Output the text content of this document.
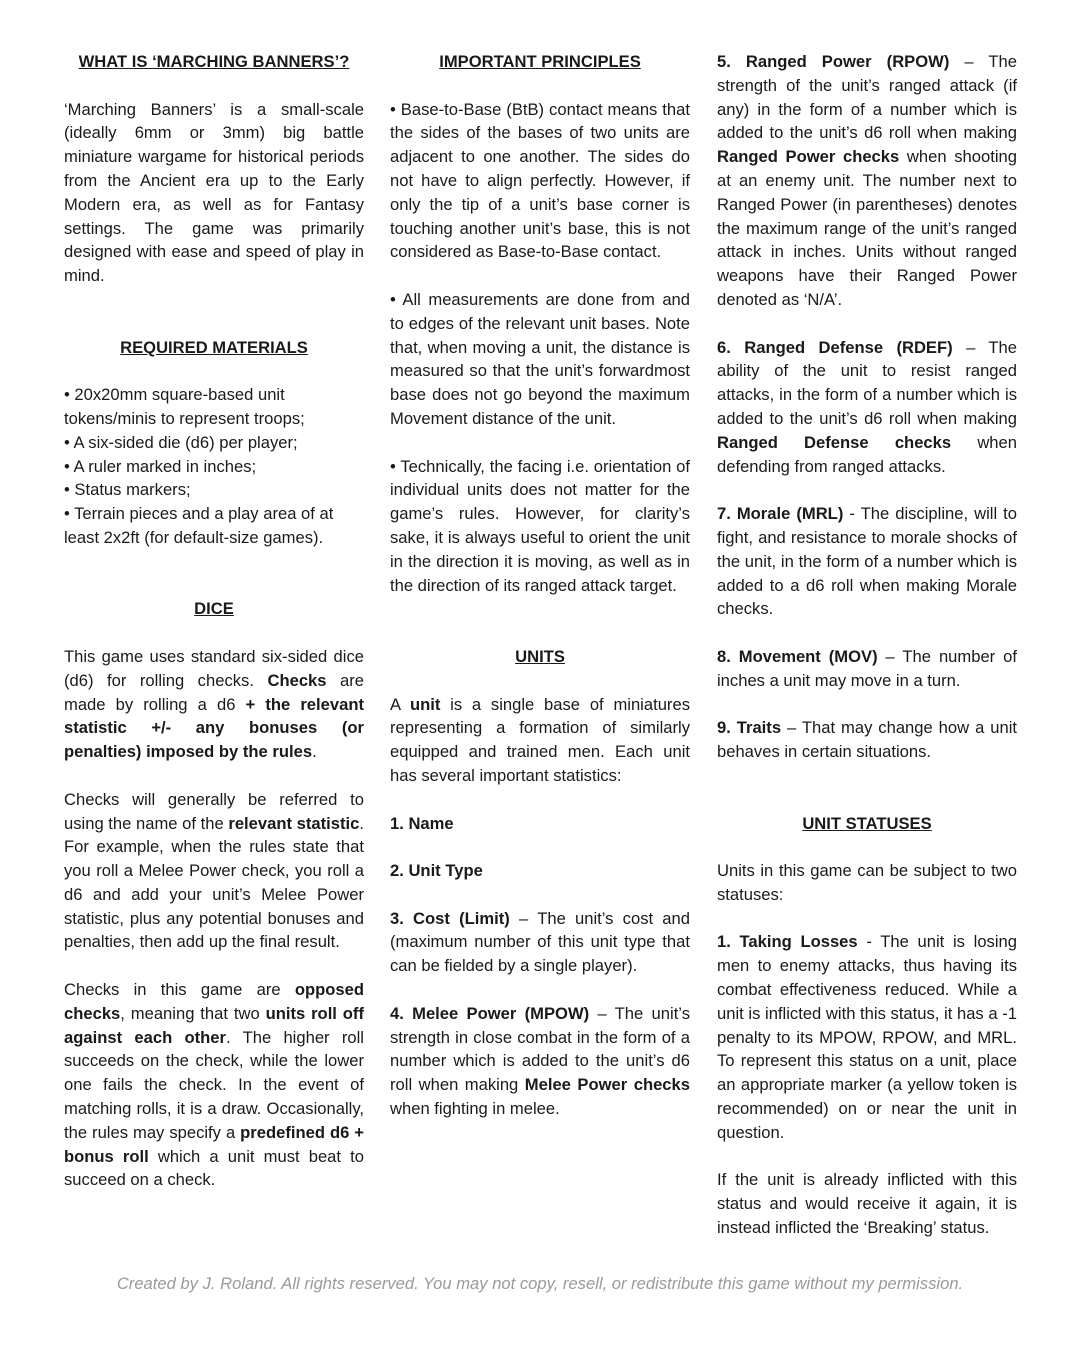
WHAT IS ‘MARCHING BANNERS’?

‘Marching Banners’ is a small-scale (ideally 6mm or 3mm) big battle miniature wargame for historical periods from the Ancient era up to the Early Modern era, as well as for Fantasy settings. The game was primarily designed with ease and speed of play in mind.

REQUIRED MATERIALS

• 20x20mm square-based unit tokens/minis to represent troops;

• A six-sided die (d6) per player;

• A ruler marked in inches;

• Status markers;

• Terrain pieces and a play area of at least 2x2ft (for default-size games).

DICE

This game uses standard six-sided dice (d6) for rolling checks. Checks are made by rolling a d6 + the relevant statistic +/- any bonuses (or penalties) imposed by the rules.

Checks will generally be referred to using the name of the relevant statistic. For example, when the rules state that you roll a Melee Power check, you roll a d6 and add your unit’s Melee Power statistic, plus any potential bonuses and penalties, then add up the final result.

Checks in this game are opposed checks, meaning that two units roll off against each other. The higher roll succeeds on the check, while the lower one fails the check. In the event of matching rolls, it is a draw. Occasionally, the rules may specify a predefined d6 + bonus roll which a unit must beat to succeed on a check.

IMPORTANT PRINCIPLES

• Base-to-Base (BtB) contact means that the sides of the bases of two units are adjacent to one another. The sides do not have to align perfectly. However, if only the tip of a unit’s base corner is touching another unit’s base, this is not considered as Base-to-Base contact.

• All measurements are done from and to edges of the relevant unit bases. Note that, when moving a unit, the distance is measured so that the unit’s forwardmost base does not go beyond the maximum Movement distance of the unit.

• Technically, the facing i.e. orientation of individual units does not matter for the game’s rules. However, for clarity’s sake, it is always useful to orient the unit in the direction it is moving, as well as in the direction of its ranged attack target.

UNITS

A unit is a single base of miniatures representing a formation of similarly equipped and trained men. Each unit has several important statistics:

1. Name

2. Unit Type

3. Cost (Limit) – The unit’s cost and (maximum number of this unit type that can be fielded by a single player).

4. Melee Power (MPOW) – The unit’s strength in close combat in the form of a number which is added to the unit’s d6 roll when making Melee Power checks when fighting in melee.

5. Ranged Power (RPOW) – The strength of the unit’s ranged attack (if any) in the form of a number which is added to the unit’s d6 roll when making Ranged Power checks when shooting at an enemy unit. The number next to Ranged Power (in parentheses) denotes the maximum range of the unit’s ranged attack in inches. Units without ranged weapons have their Ranged Power denoted as ‘N/A’.

6. Ranged Defense (RDEF) – The ability of the unit to resist ranged attacks, in the form of a number which is added to the unit’s d6 roll when making Ranged Defense checks when defending from ranged attacks.

7. Morale (MRL) - The discipline, will to fight, and resistance to morale shocks of the unit, in the form of a number which is added to a d6 roll when making Morale checks.

8. Movement (MOV) – The number of inches a unit may move in a turn.

9. Traits – That may change how a unit behaves in certain situations.

UNIT STATUSES

Units in this game can be subject to two statuses:

1. Taking Losses - The unit is losing men to enemy attacks, thus having its combat effectiveness reduced. While a unit is inflicted with this status, it has a -1 penalty to its MPOW, RPOW, and MRL. To represent this status on a unit, place an appropriate marker (a yellow token is recommended) on or near the unit in question.

If the unit is already inflicted with this status and would receive it again, it is instead inflicted the ‘Breaking’ status.

Created by J. Roland. All rights reserved. You may not copy, resell, or redistribute this game without my permission.
